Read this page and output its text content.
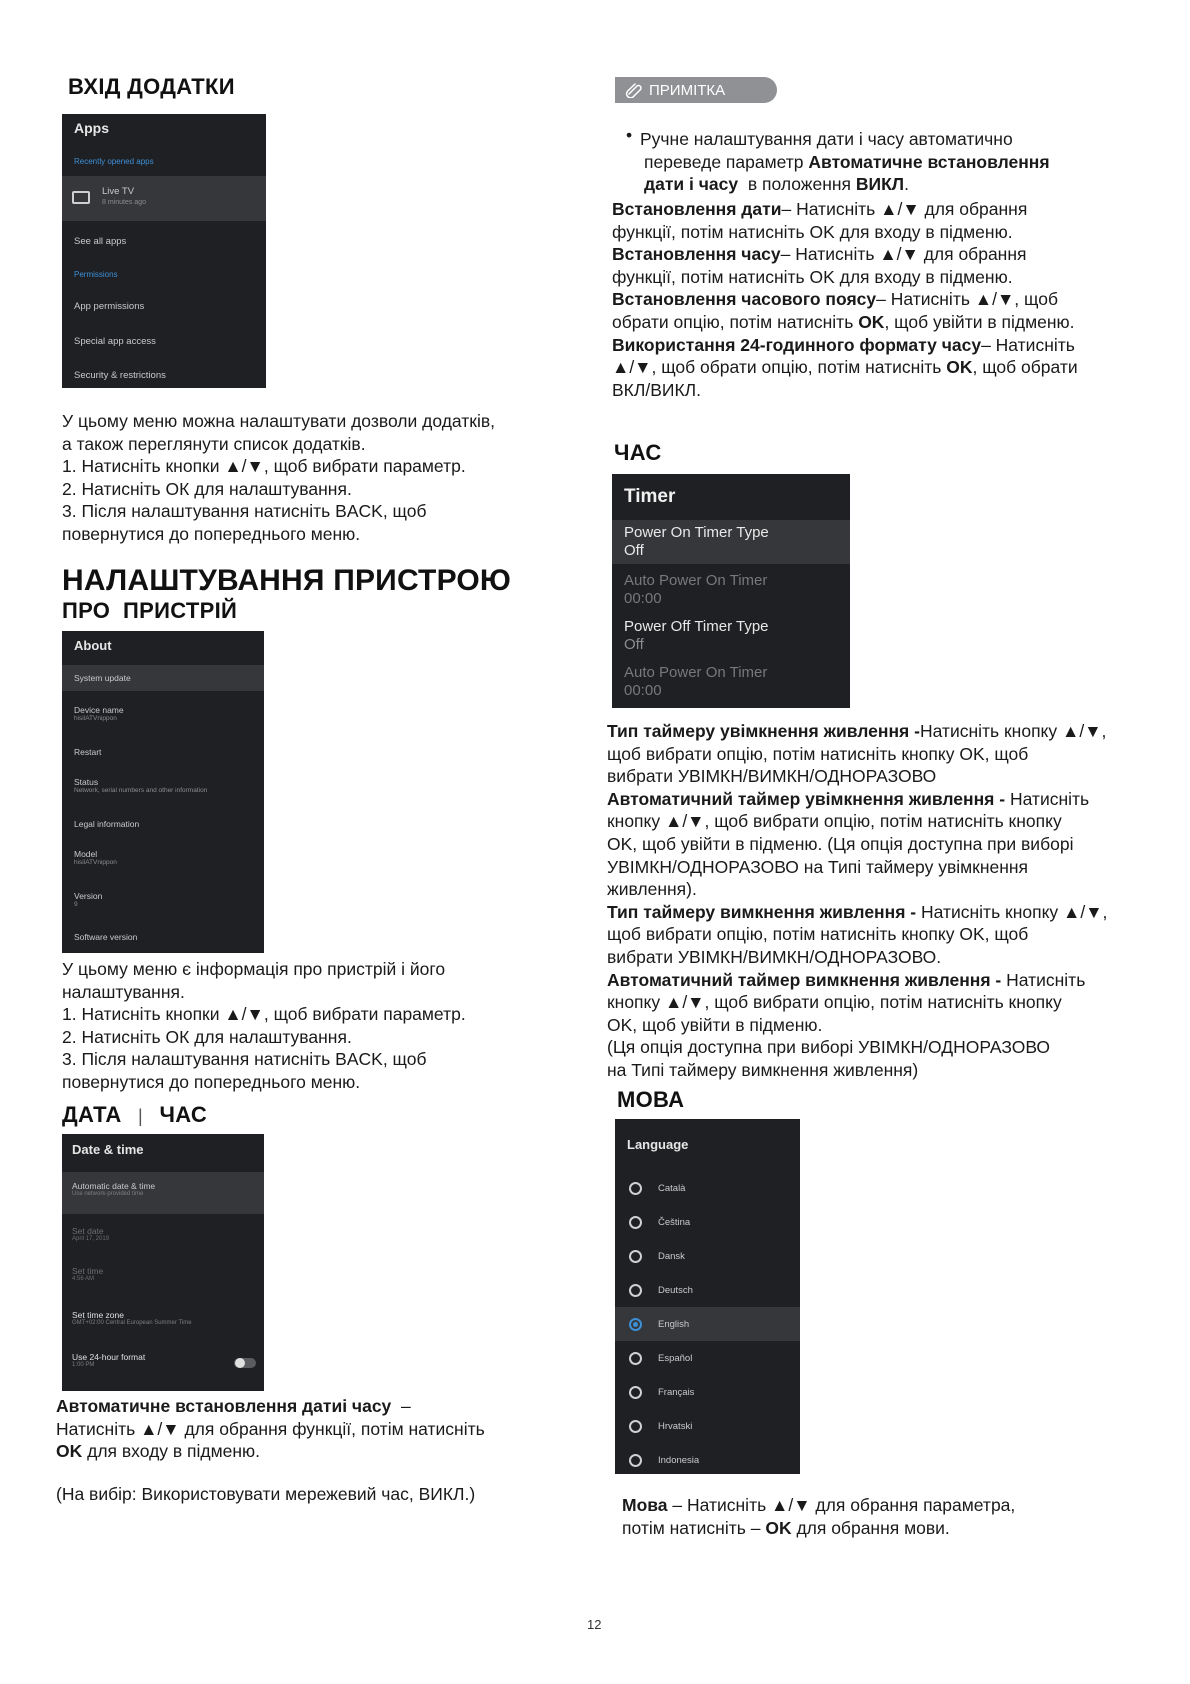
ВХІД ДОДАТКИ
Apps
Recently opened apps
Live TV
8 minutes ago
See all apps
Permissions
App permissions
Special app access
Security & restrictions

У цьому меню можна налаштувати дозволи додатків,

а також переглянути список додатків.

1. Натисніть кнопки ▲/▼, щоб вибрати параметр.

2. Натисніть ОК для налаштування.

3. Після налаштування натисніть BACK, щоб

повернутися до попереднього меню.

НАЛАШТУВАННЯ ПРИСТРОЮ
ПРО  ПРИСТРІЙ
About
System update
Device name
hisilATVnippon
Restart
Status
Network, serial numbers and other information
Legal information
Model
hisilATVnippon
Version
9
Software version

У цьому меню є інформація про пристрій і його

налаштування.

1. Натисніть кнопки ▲/▼, щоб вибрати параметр.

2. Натисніть ОК для налаштування.

3. Після налаштування натисніть BACK, щоб

повернутися до попереднього меню.

ДАТА | ЧАС
Date & time
Automatic date & time
Use network-provided time
Set date
April 17, 2019
Set time
4:56 AM
Set time zone
GMT+02:00 Central European Summer Time
Use 24-hour format
1:00 PM

Автоматичне встановлення датиі часу  –

Натисніть ▲/▼ для обрання функції, потім натисніть

OK для входу в підменю.

(На вибір: Використовувати мережевий час, ВИКЛ.)
ПРИМІТКА
• Ручне налаштування дати і часу автоматично

переведе параметр Автоматичне встановлення

дати і часу  в положення ВИКЛ.

Встановлення дати– Натисніть ▲/▼ для обрання

функції, потім натисніть OK для входу в підменю.

Встановлення часу– Натисніть ▲/▼ для обрання

функції, потім натисніть OK для входу в підменю.

Встановлення часового поясу– Натисніть ▲/▼, щоб

обрати опцію, потім натисніть OK, щоб увійти в підменю.

Використання 24-годинного формату часу– Натисніть

▲/▼, щоб обрати опцію, потім натисніть OK, щоб обрати

ВКЛ/ВИКЛ.

ЧАС
Timer
Power On Timer Type
Off
Auto Power On Timer
00:00
Power Off Timer Type
Off
Auto Power On Timer
00:00

Тип таймеру увімкнення живлення -Натисніть кнопку ▲/▼,

щоб вибрати опцію, потім натисніть кнопку OK, щоб

вибрати УВІМКН/ВИМКН/ОДНОРАЗОВО

Автоматичний таймер увімкнення живлення - Натисніть

кнопку ▲/▼, щоб вибрати опцію, потім натисніть кнопку

OK, щоб увійти в підменю. (Ця опція доступна при виборі

УВІМКН/ОДНОРАЗОВО на Типі таймеру увімкнення

живлення).

Тип таймеру вимкнення живлення - Натисніть кнопку ▲/▼,

щоб вибрати опцію, потім натисніть кнопку OK, щоб

вибрати УВІМКН/ВИМКН/ОДНОРАЗОВО.

Автоматичний таймер вимкнення живлення - Натисніть

кнопку ▲/▼, щоб вибрати опцію, потім натисніть кнопку

OK, щоб увійти в підменю.

(Ця опція доступна при виборі УВІМКН/ОДНОРАЗОВО

на Типі таймеру вимкнення живлення)

МОВА
Language
Català
Čeština
Dansk
Deutsch
English
Español
Français
Hrvatski
Indonesia

Мова – Натисніть ▲/▼ для обрання параметра,

потім натисніть – OK для обрання мови.

12
